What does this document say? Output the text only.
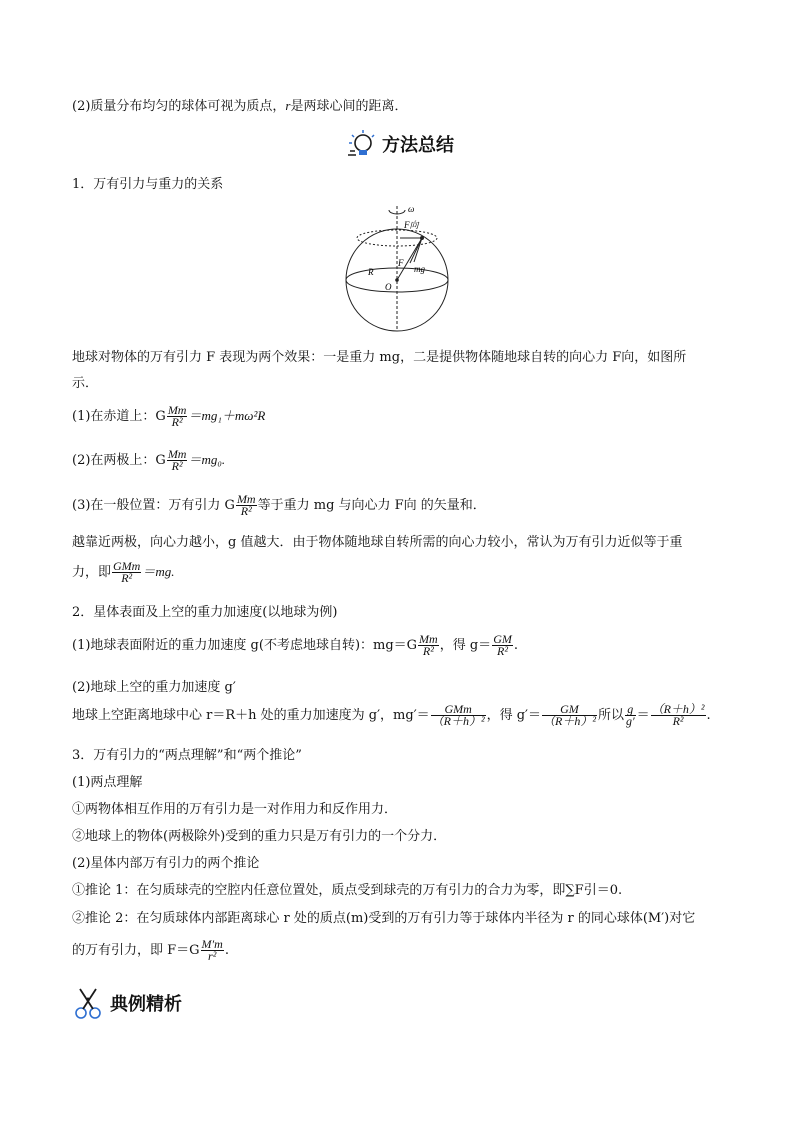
(2)质量分布均匀的球体可视为质点，r是两球心间的距离．
方法总结
1．万有引力与重力的关系
ω
F向
F
mg
R
O
地球对物体的万有引力 F 表现为两个效果：一是重力 mg，二是提供物体随地球自转的向心力 F向，如图所
示．
(1)在赤道上：G $\frac{Mm}{\text{R²}} =mg_1+m\omega^2R$
(2)在两极上：G $\frac{Mm}{\text{R²}} =mg_0$.
(3)在一般位置：万有引力 G $\frac{Mm}{\text{R²}}$ 等于重力 mg 与向心力 F向 的矢量和．
越靠近两极，向心力越小，g 值越大．由于物体随地球自转所需的向心力较小，常认为万有引力近似等于重
力，即 $\frac{\text{GMm}}{\text{R²}} =mg$.
2．星体表面及上空的重力加速度(以地球为例)
(1)地球表面附近的重力加速度 g(不考虑地球自转)：$mg=G \frac{Mm}{\text{R²}}$ ，得 $g= \frac{GM}{\text{R²}}$ .
(2)地球上空的重力加速度 g′
地球上空距离地球中心 r＝R＋h 处的重力加速度为 g′，$mg'= \frac{\text{GMm}}{\text{（R＋h）²}}$ ，得 $g'= \frac{GM}{\text{（R＋h）²}}$ 所以 $\frac{g}{g'} = \frac{\text{（R＋h）²}}{\text{R²}}$ .
3．万有引力的“两点理解”和“两个推论”
(1)两点理解
①两物体相互作用的万有引力是一对作用力和反作用力．
②地球上的物体(两极除外)受到的重力只是万有引力的一个分力．
(2)星体内部万有引力的两个推论
①推论 1：在匀质球壳的空腔内任意位置处，质点受到球壳的万有引力的合力为零，即∑F引＝0.
②推论 2：在匀质球体内部距离球心 r 处的质点(m)受到的万有引力等于球体内半径为 r 的同心球体(M′)对它
的万有引力，即 $F=G \frac{M'm}{\text{r²}}$ .
典例精析
